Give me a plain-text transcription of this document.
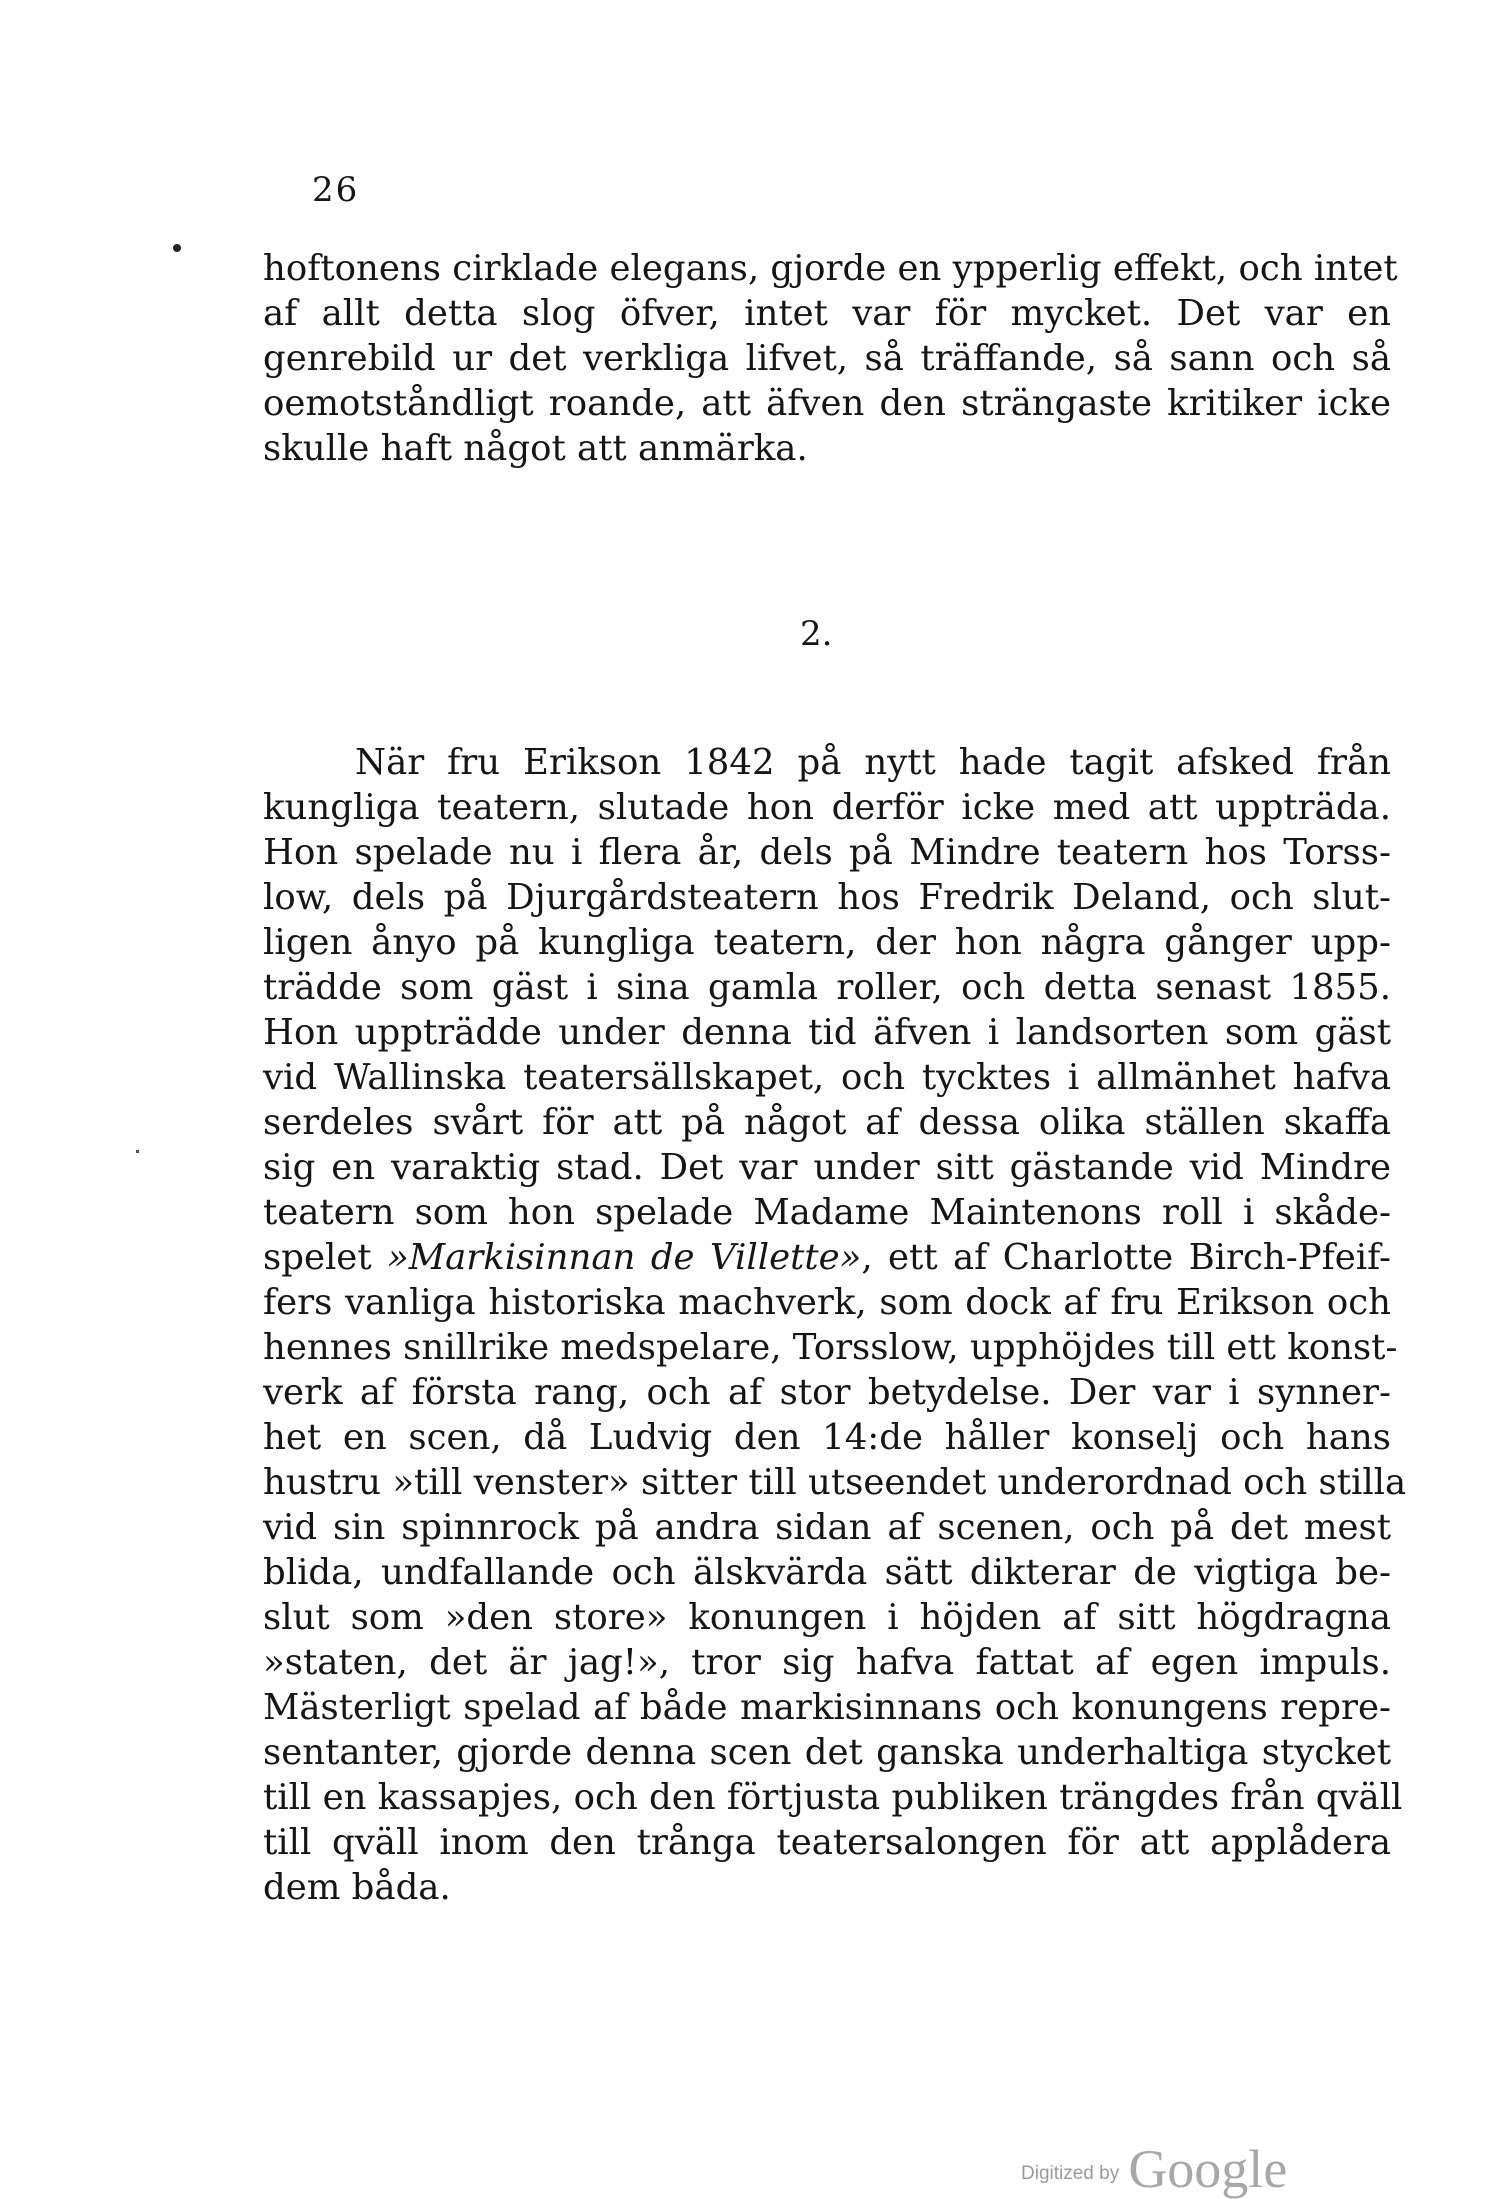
26
hoftonens cirklade elegans, gjorde en ypperlig effekt, och intet
af allt detta slog öfver, intet var för mycket. Det var en
genrebild ur det verkliga lifvet, så träffande, så sann och så
oemotståndligt roande, att äfven den strängaste kritiker icke
skulle haft något att anmärka.
2.
När fru Erikson 1842 på nytt hade tagit afsked från
kungliga teatern, slutade hon derför icke med att uppträda.
Hon spelade nu i flera år, dels på Mindre teatern hos Torss-
low, dels på Djurgårdsteatern hos Fredrik Deland, och slut-
ligen ånyo på kungliga teatern, der hon några gånger upp-
trädde som gäst i sina gamla roller, och detta senast 1855.
Hon uppträdde under denna tid äfven i landsorten som gäst
vid Wallinska teatersällskapet, och tycktes i allmänhet hafva
serdeles svårt för att på något af dessa olika ställen skaffa
sig en varaktig stad. Det var under sitt gästande vid Mindre
teatern som hon spelade Madame Maintenons roll i skåde-
spelet »Markisinnan de Villette», ett af Charlotte Birch-Pfeif-
fers vanliga historiska machverk, som dock af fru Erikson och
hennes snillrike medspelare, Torsslow, upphöjdes till ett konst-
verk af första rang, och af stor betydelse. Der var i synner-
het en scen, då Ludvig den 14:de håller konselj och hans
hustru »till venster» sitter till utseendet underordnad och stilla
vid sin spinnrock på andra sidan af scenen, och på det mest
blida, undfallande och älskvärda sätt dikterar de vigtiga be-
slut som »den store» konungen i höjden af sitt högdragna
»staten, det är jag!», tror sig hafva fattat af egen impuls.
Mästerligt spelad af både markisinnans och konungens repre-
sentanter, gjorde denna scen det ganska underhaltiga stycket
till en kassapjes, och den förtjusta publiken trängdes från qväll
till qväll inom den trånga teatersalongen för att applådera
dem båda.
Digitized by Google
